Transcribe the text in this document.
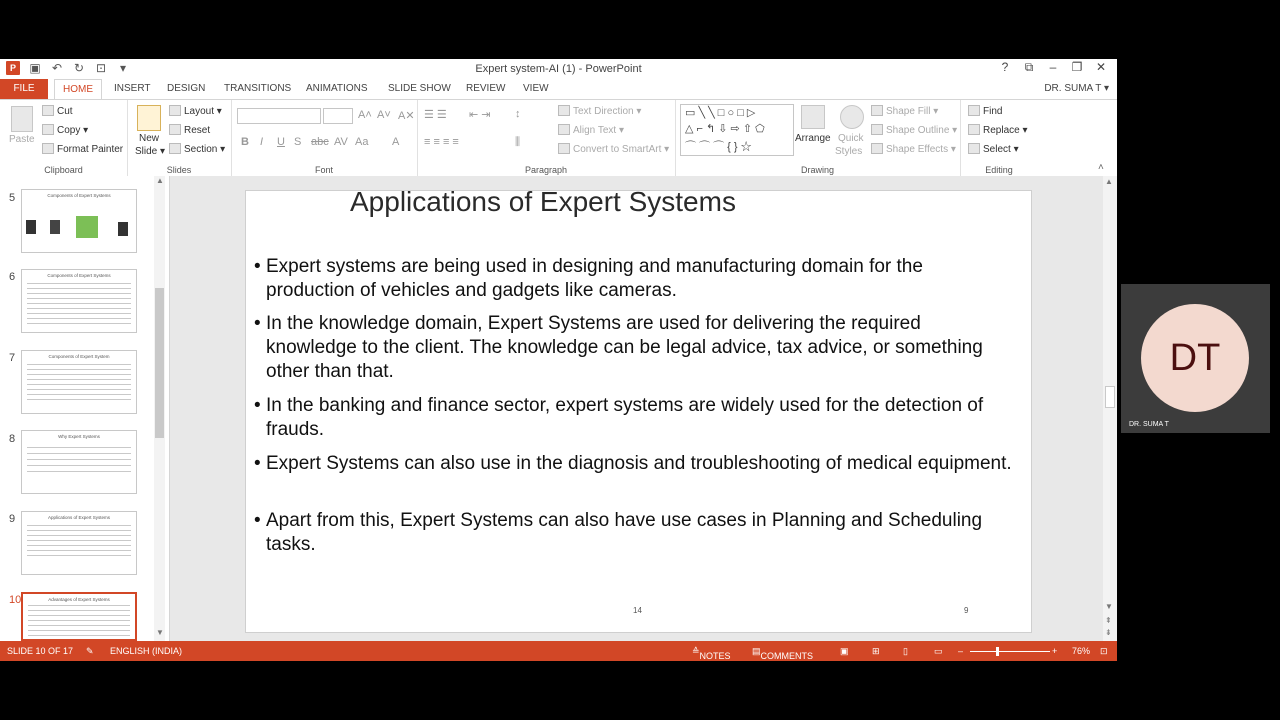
P	▣ ↶ ↻ ⊡	▾	Expert system-AI (1) - PowerPoint	?	⧉	–	❐	✕
FILE	HOME	INSERT DESIGN TRANSITIONS ANIMATIONS SLIDE SHOW REVIEW VIEW	DR. SUMA T ▾
Paste
Cut
Copy ▾
Format Painter
Clipboard
New
Slide ▾
Layout ▾
Reset
Section ▾
Slides
A˄ A˅ A✕
B I U S abc AV Aa A
Font
☰ ☰ ⇤ ⇥ ↕
≡ ≡ ≡ ≡	⫼
Text Direction ▾
Align Text ▾
Convert to SmartArt ▾
Paragraph
▭ ╲ ╲ □ ○ □ ▷
△ ⌐ ↰ ⇩ ⇨ ⇧ ⬠
⌒ ⌒ ⌒ { } ☆
Arrange Quick
Styles
Shape Fill ▾
Shape Outline ▾
Shape Effects ▾
Drawing
Find
Replace ▾
Select ▾
Editing	˄
5	Components of Expert Systems
6	Components of Expert Systems
7	Components of Expert System
8	Why Expert Systems
9	Applications of Expert Systems
10	Advantages of Expert Systems
▲
▼
Applications of Expert Systems
• Expert systems are being used in designing and manufacturing domain for the production of vehicles and gadgets like cameras.
• In the knowledge domain, Expert Systems are used for delivering the required knowledge to the client. The knowledge can be legal advice, tax advice, or something other than that.
• In the banking and finance sector, expert systems are widely used for the detection of frauds.
• Expert Systems can also use in the diagnosis and troubleshooting of medical equipment.
• Apart from this, Expert Systems can also have use cases in Planning and Scheduling tasks.
14	9
▲
▼
⇞
⇟
SLIDE 10 OF 17 ✎ ENGLISH (INDIA)	≙ NOTES ▤ COMMENTS	▣	⊞	▯	▭ –	+ 76% ⊡
DT
DR. SUMA T
